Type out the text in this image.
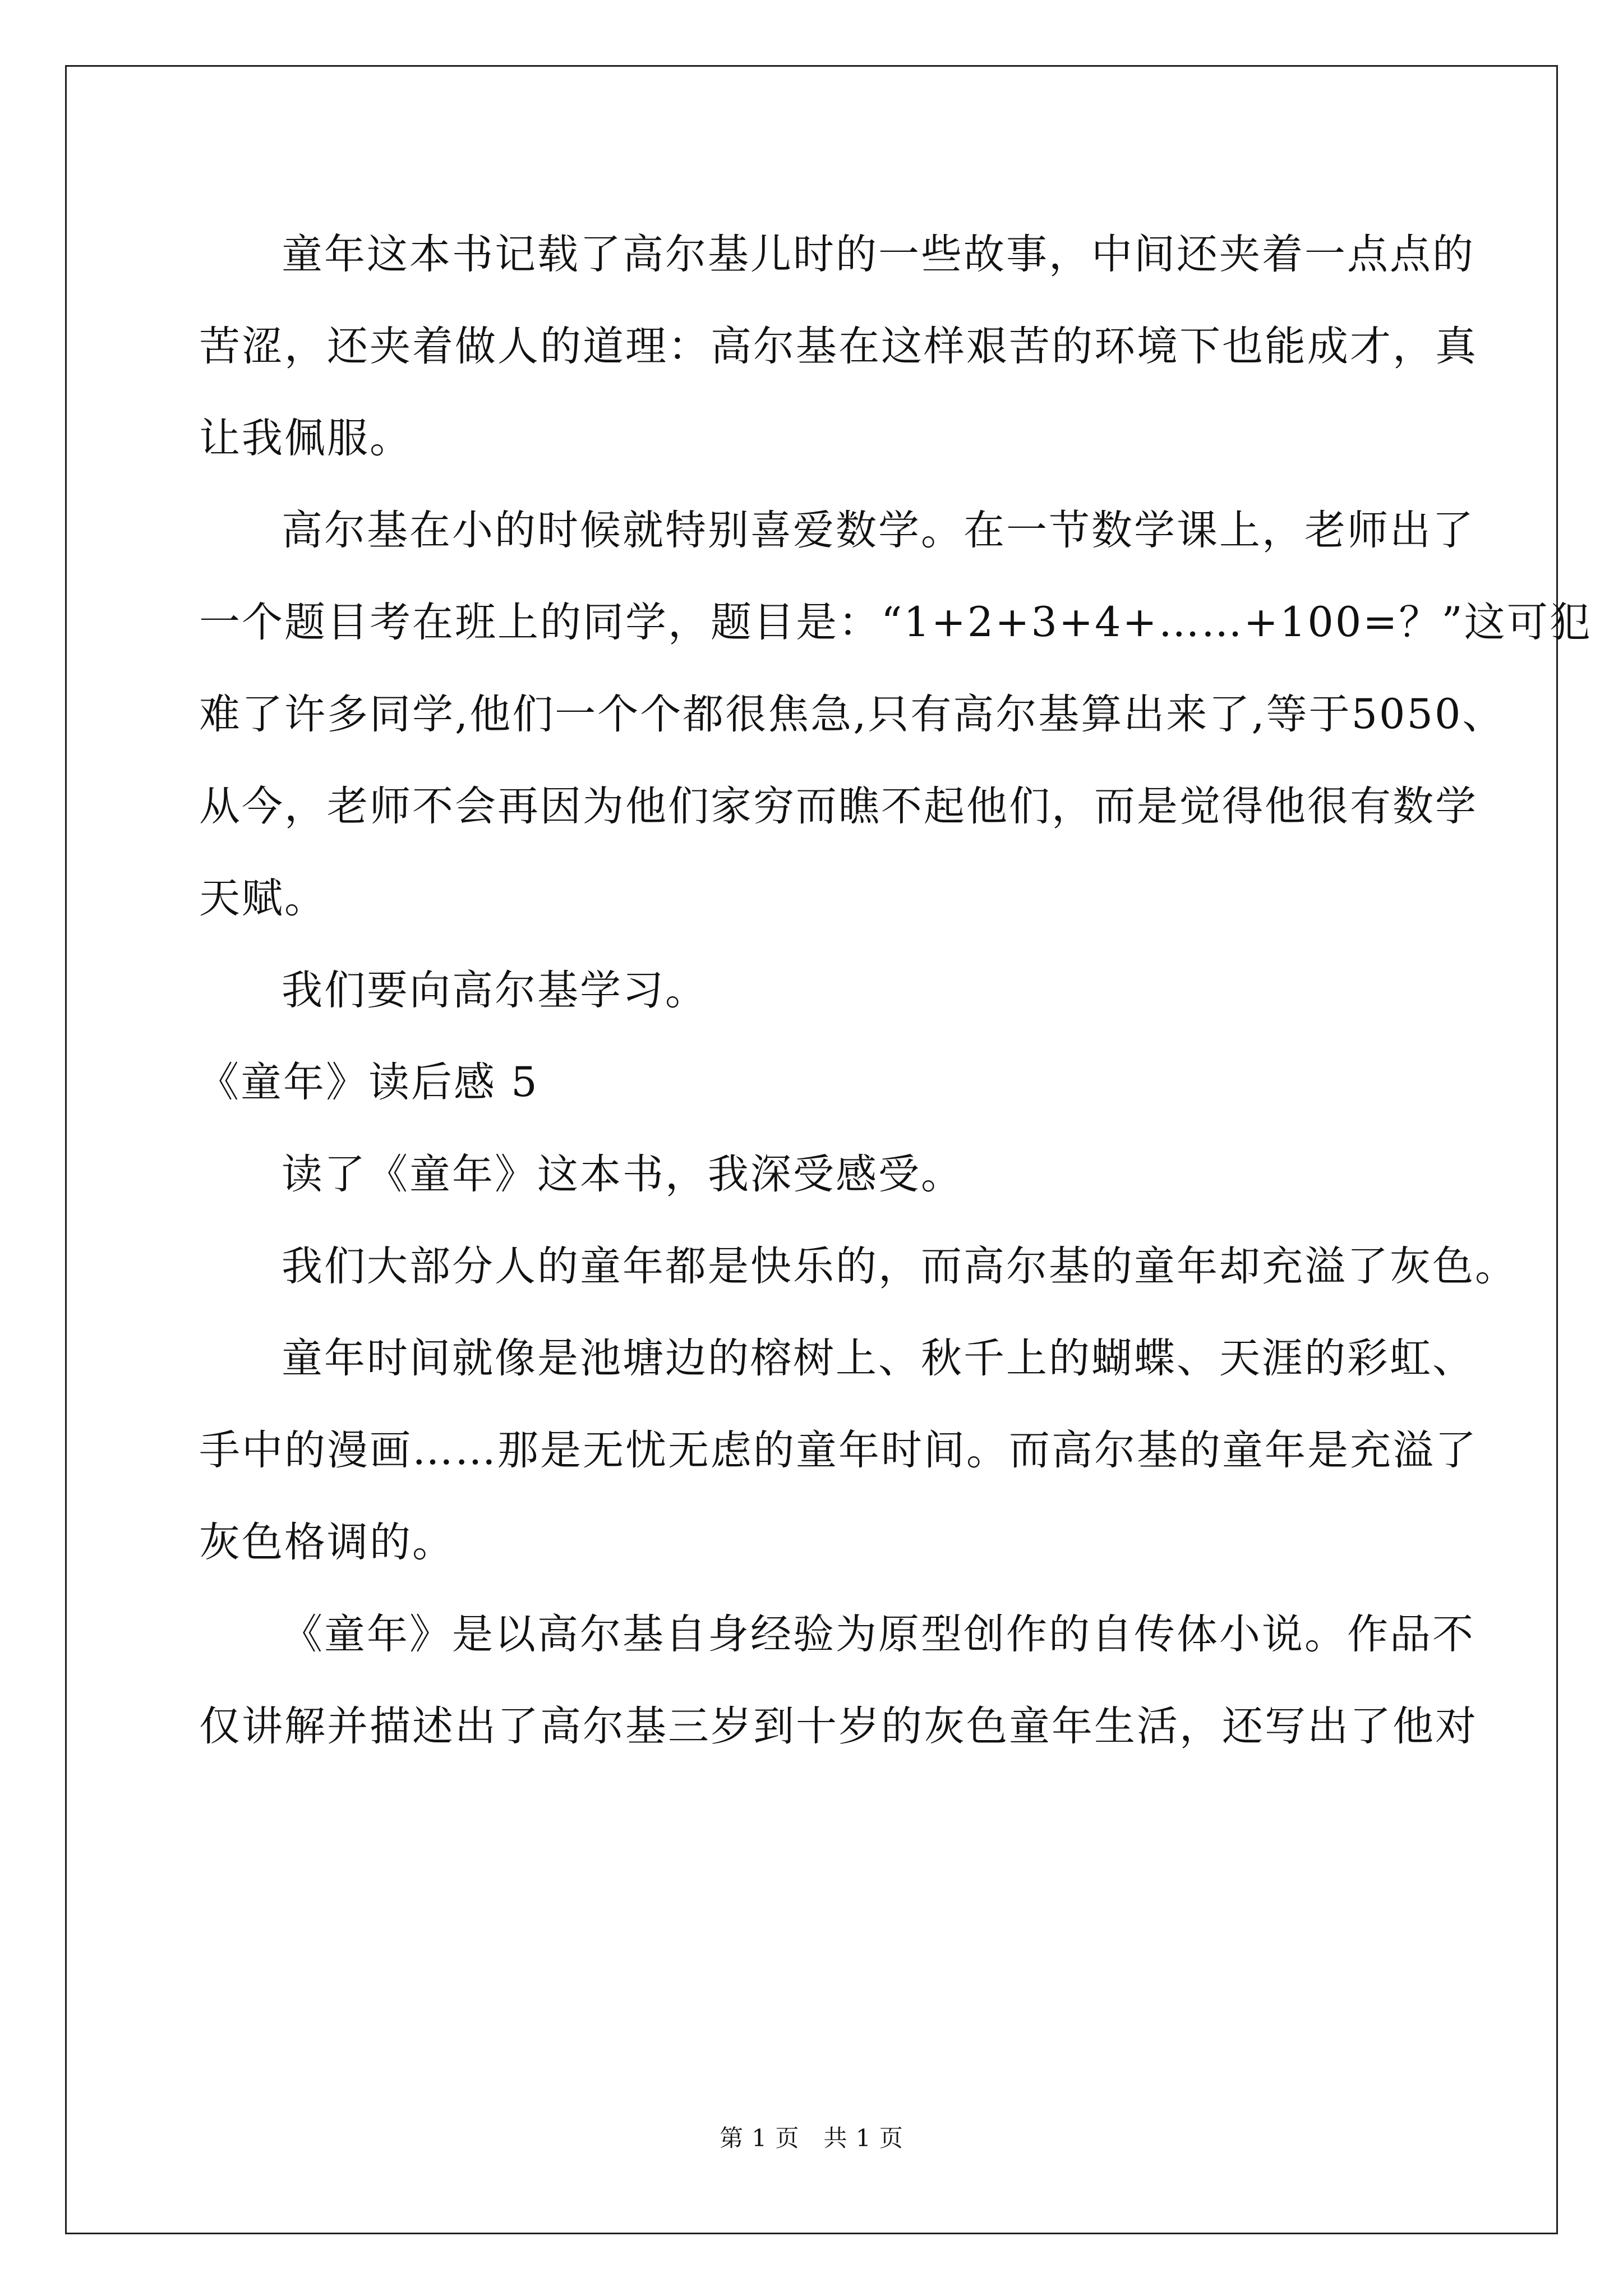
童年这本书记载了高尔基儿时的一些故事，中间还夹着一点点的
苦涩，还夹着做人的道理：高尔基在这样艰苦的环境下也能成才，真
让我佩服。
高尔基在小的时候就特别喜爱数学。在一节数学课上，老师出了
一个题目考在班上的同学，题目是：“1+2+3+4+……+100=？”这可犯
难了许多同学,他们一个个都很焦急,只有高尔基算出来了,等于5050、
从今，老师不会再因为他们家穷而瞧不起他们，而是觉得他很有数学
天赋。
我们要向高尔基学习。
《童年》读后感 5
读了《童年》这本书，我深受感受。
我们大部分人的童年都是快乐的，而高尔基的童年却充溢了灰色。
童年时间就像是池塘边的榕树上、秋千上的蝴蝶、天涯的彩虹、
手中的漫画……那是无忧无虑的童年时间。而高尔基的童年是充溢了
灰色格调的。
《童年》是以高尔基自身经验为原型创作的自传体小说。作品不
仅讲解并描述出了高尔基三岁到十岁的灰色童年生活，还写出了他对
第 1 页　共 1 页
